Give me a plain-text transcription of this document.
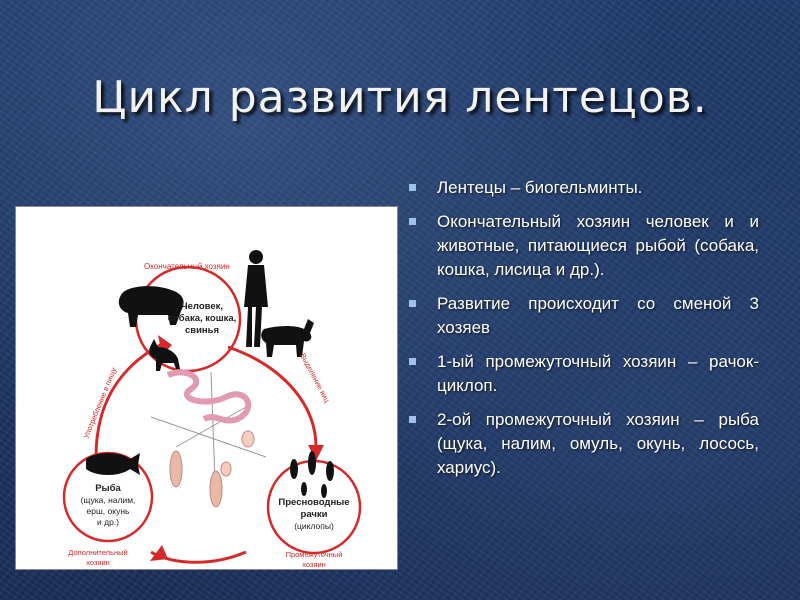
Цикл развития лентецов.
Лентецы – биогельминты.
Окончательный хозяин человек и и животные, питающиеся рыбой (собака, кошка, лисица и др.).
Развитие происходит со сменой 3 хозяев
1-ый промежуточный хозяин – рачок-циклоп.
2-ой промежуточный хозяин – рыба (щука, налим, омуль, окунь, лосось, хариус).
Окончательный хозяин
Человек,
собака, кошка,
свинья
Рыба
(щука, налим,
ерш, окунь
и др.)
Пресноводные
рачки
(циклопы)
Употребление в пищу	Выделение яиц
Дополнительный
хозяин
Промежуточный
хозяин
